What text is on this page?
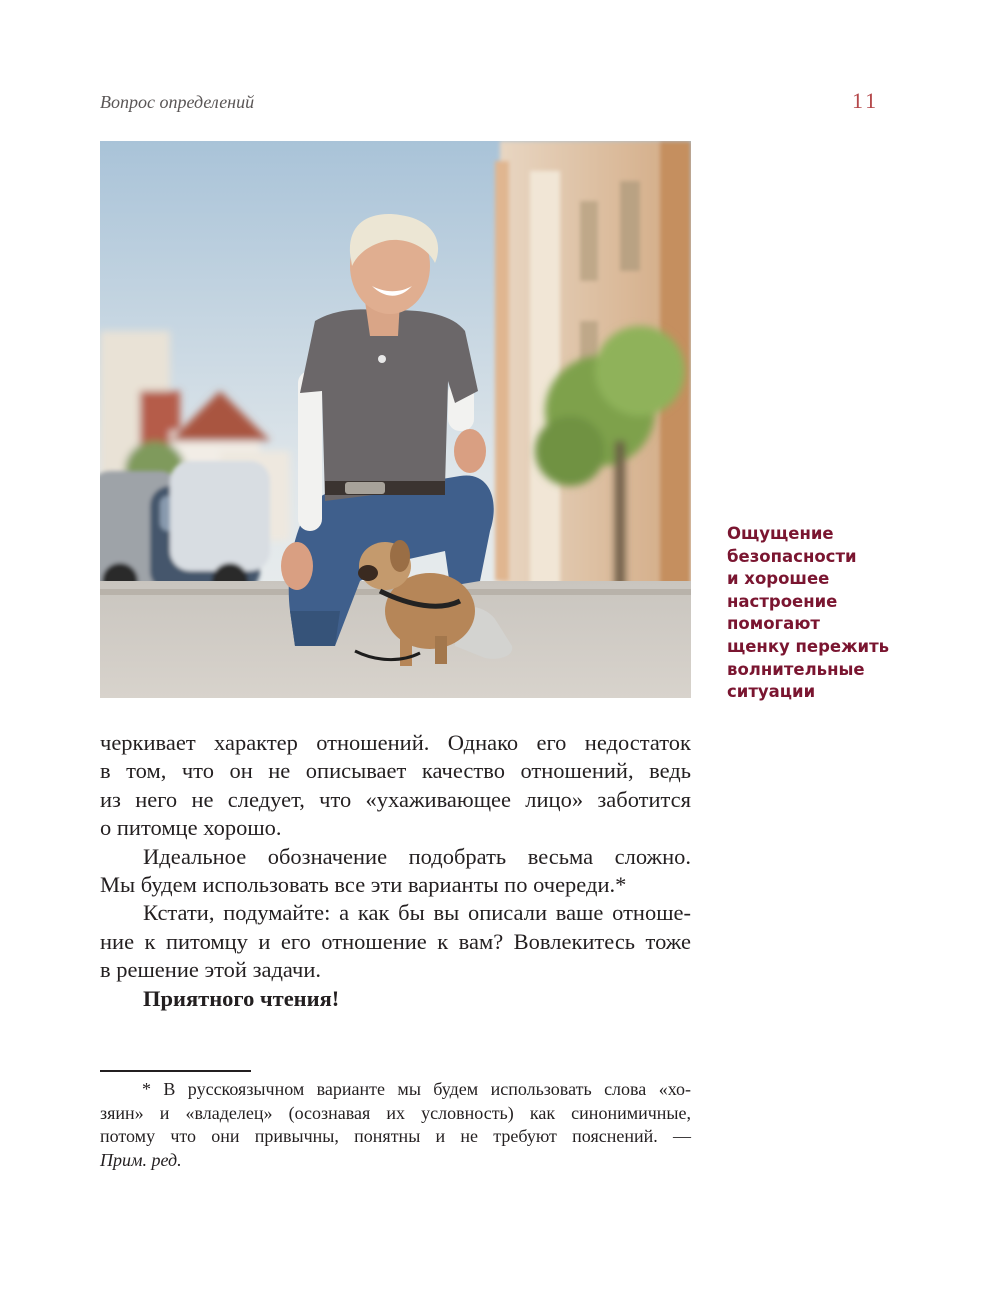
Вопрос определений	11
Ощущение
безопасности
и хорошее
настроение
помогают
щенку пережить
волнительные
ситуации
черкивает характер отношений. Однако его недостаток
в том, что он не описывает качество отношений, ведь
из него не следует, что «ухаживающее лицо» заботится
о питомце хорошо.
Идеальное обозначение подобрать весьма сложно.
Мы будем использовать все эти варианты по очереди.*
Кстати, подумайте: а как бы вы описали ваше отноше-
ние к питомцу и его отношение к вам? Вовлекитесь тоже
в решение этой задачи.
Приятного чтения!
* В русскоязычном варианте мы будем использовать слова «хо-
зяин» и «владелец» (осознавая их условность) как синонимичные,
потому что они привычны, понятны и не требуют пояснений. —
Прим. ред.
